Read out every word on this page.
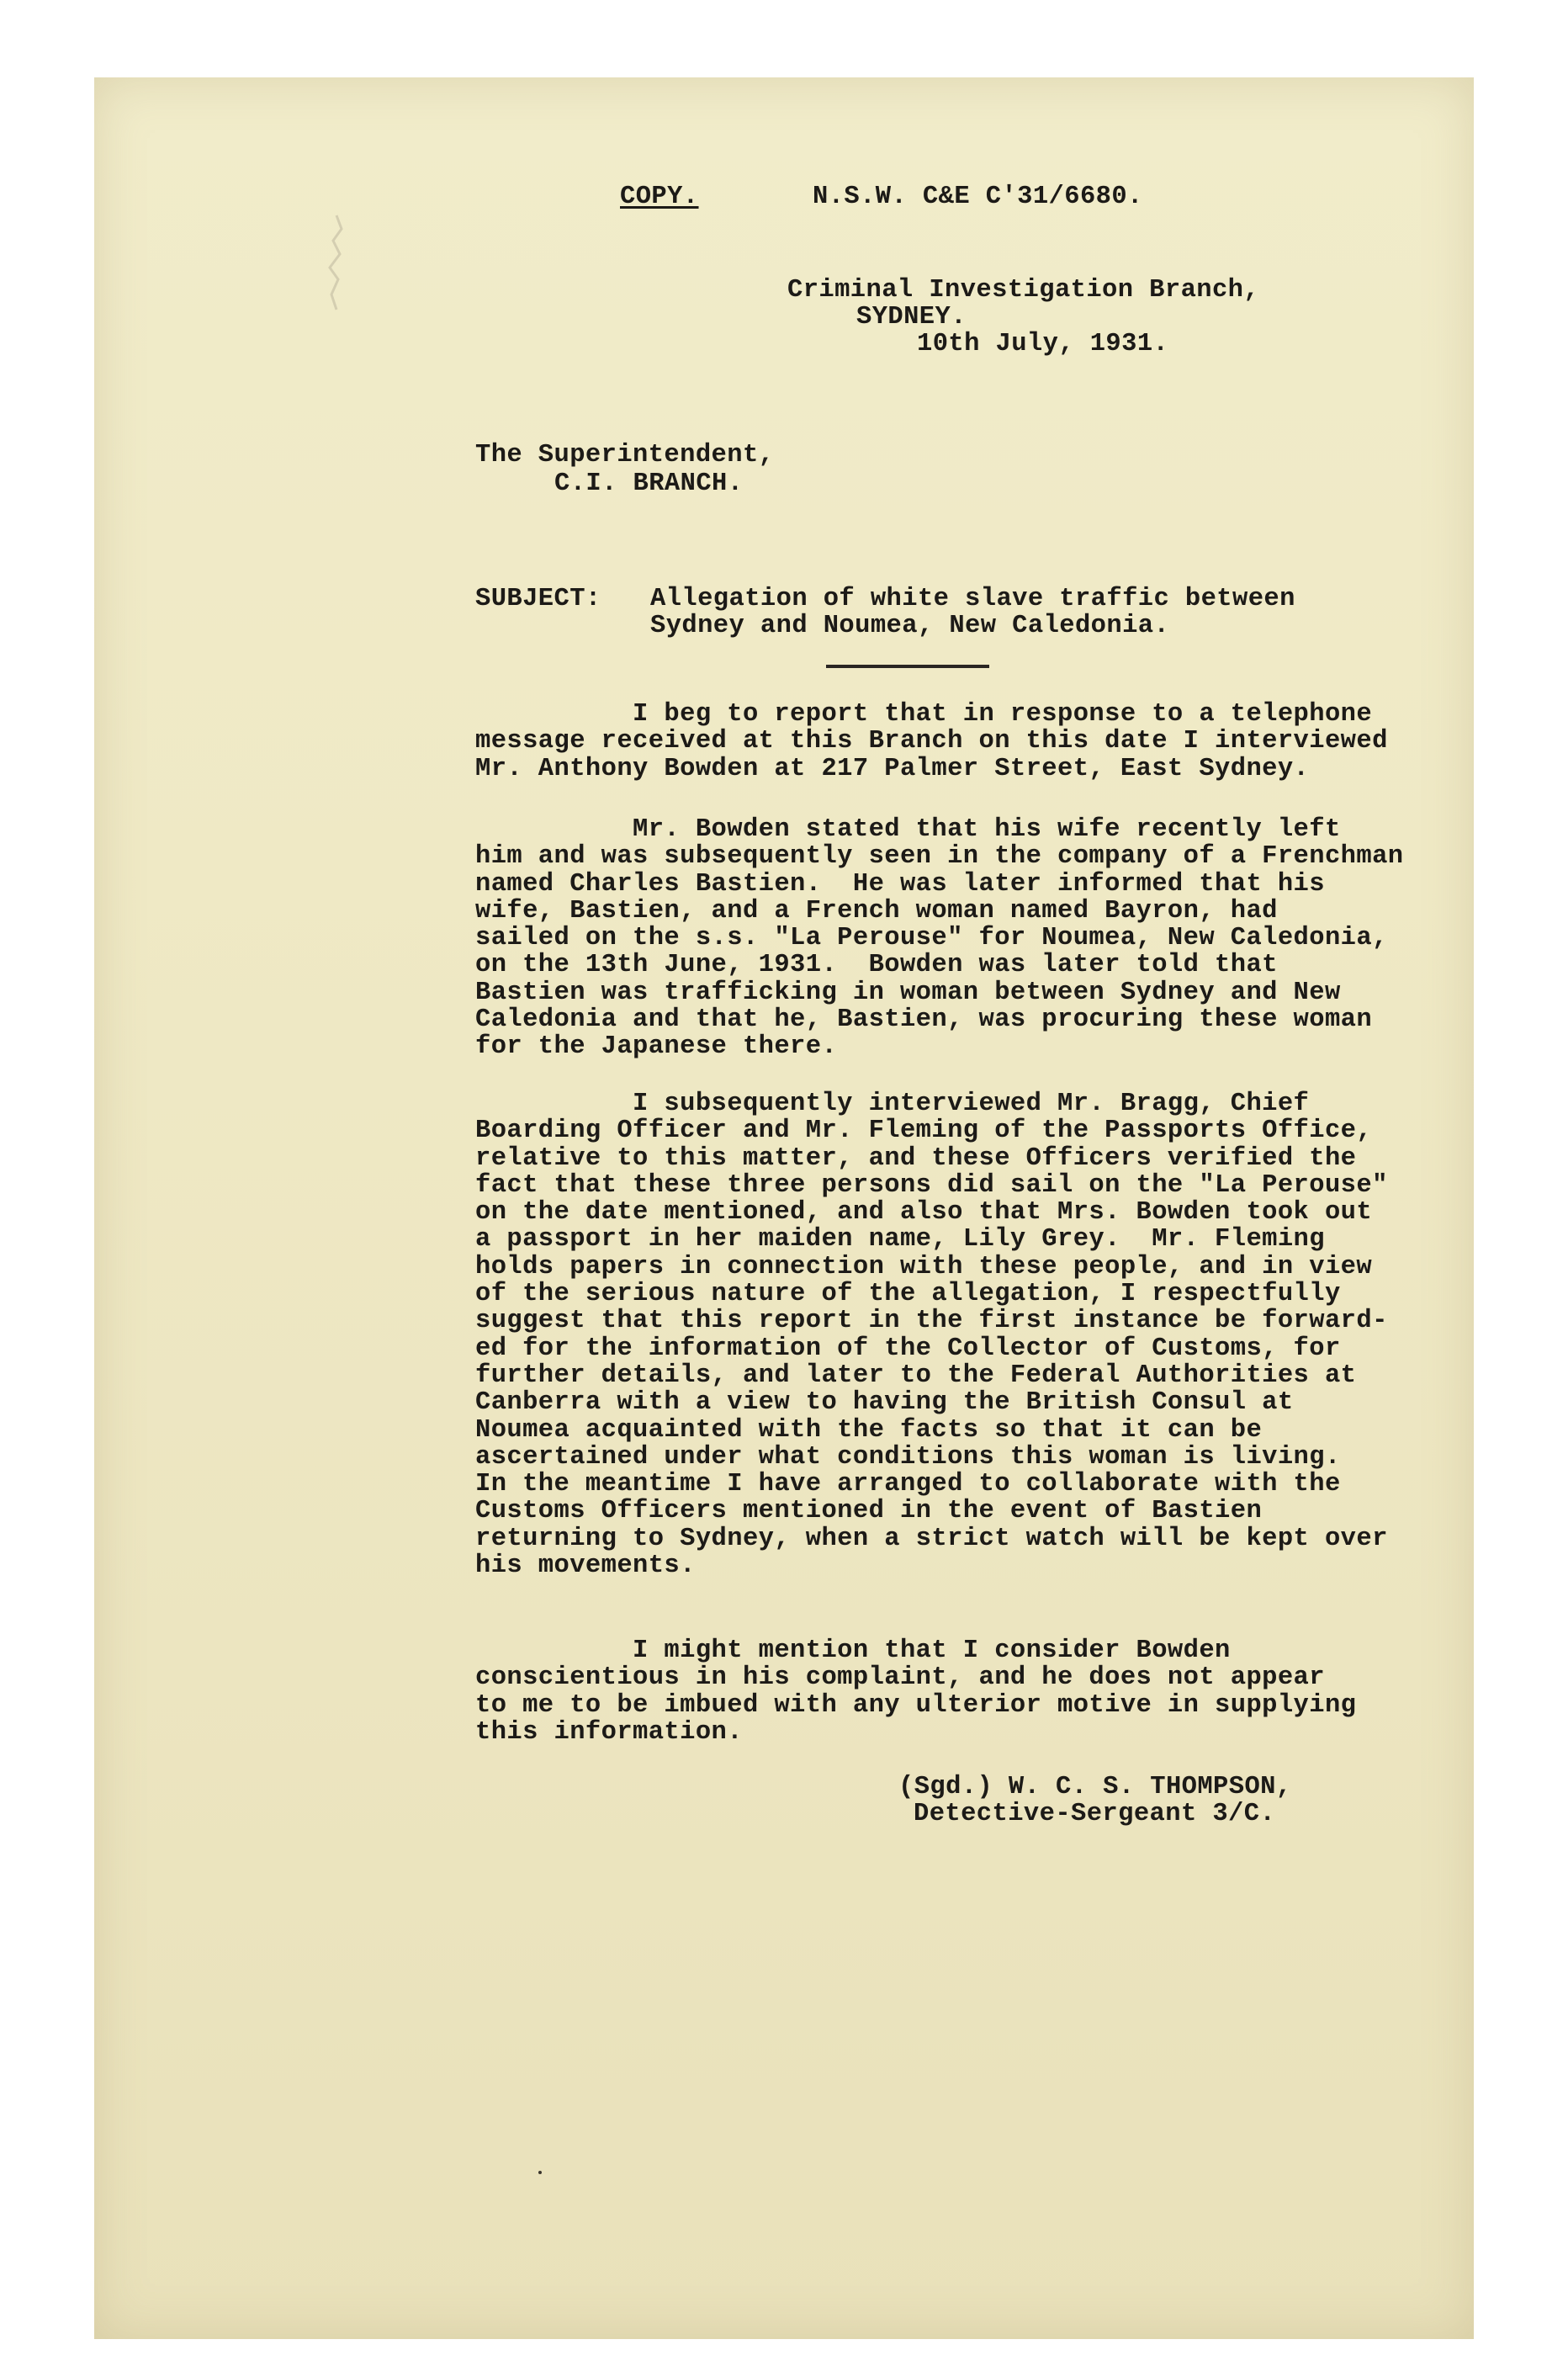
COPY.	N.S.W. C&E C'31/6680.
Criminal Investigation Branch,
SYDNEY.
10th July, 1931.
The Superintendent,
C.I. BRANCH.
SUBJECT: Allegation of white slave traffic between
Sydney and Noumea, New Caledonia.
I beg to report that in response to a telephone
message received at this Branch on this date I interviewed
Mr. Anthony Bowden at 217 Palmer Street, East Sydney.
Mr. Bowden stated that his wife recently left
him and was subsequently seen in the company of a Frenchman
named Charles Bastien.  He was later informed that his
wife, Bastien, and a French woman named Bayron, had
sailed on the s.s. "La Perouse" for Noumea, New Caledonia,
on the 13th June, 1931.  Bowden was later told that
Bastien was trafficking in woman between Sydney and New
Caledonia and that he, Bastien, was procuring these woman
for the Japanese there.
I subsequently interviewed Mr. Bragg, Chief
Boarding Officer and Mr. Fleming of the Passports Office,
relative to this matter, and these Officers verified the
fact that these three persons did sail on the "La Perouse"
on the date mentioned, and also that Mrs. Bowden took out
a passport in her maiden name, Lily Grey.  Mr. Fleming
holds papers in connection with these people, and in view
of the serious nature of the allegation, I respectfully
suggest that this report in the first instance be forward-
ed for the information of the Collector of Customs, for
further details, and later to the Federal Authorities at
Canberra with a view to having the British Consul at
Noumea acquainted with the facts so that it can be
ascertained under what conditions this woman is living.
In the meantime I have arranged to collaborate with the
Customs Officers mentioned in the event of Bastien
returning to Sydney, when a strict watch will be kept over
his movements.
I might mention that I consider Bowden
conscientious in his complaint, and he does not appear
to me to be imbued with any ulterior motive in supplying
this information.
(Sgd.) W. C. S. THOMPSON,
Detective-Sergeant 3/C.
